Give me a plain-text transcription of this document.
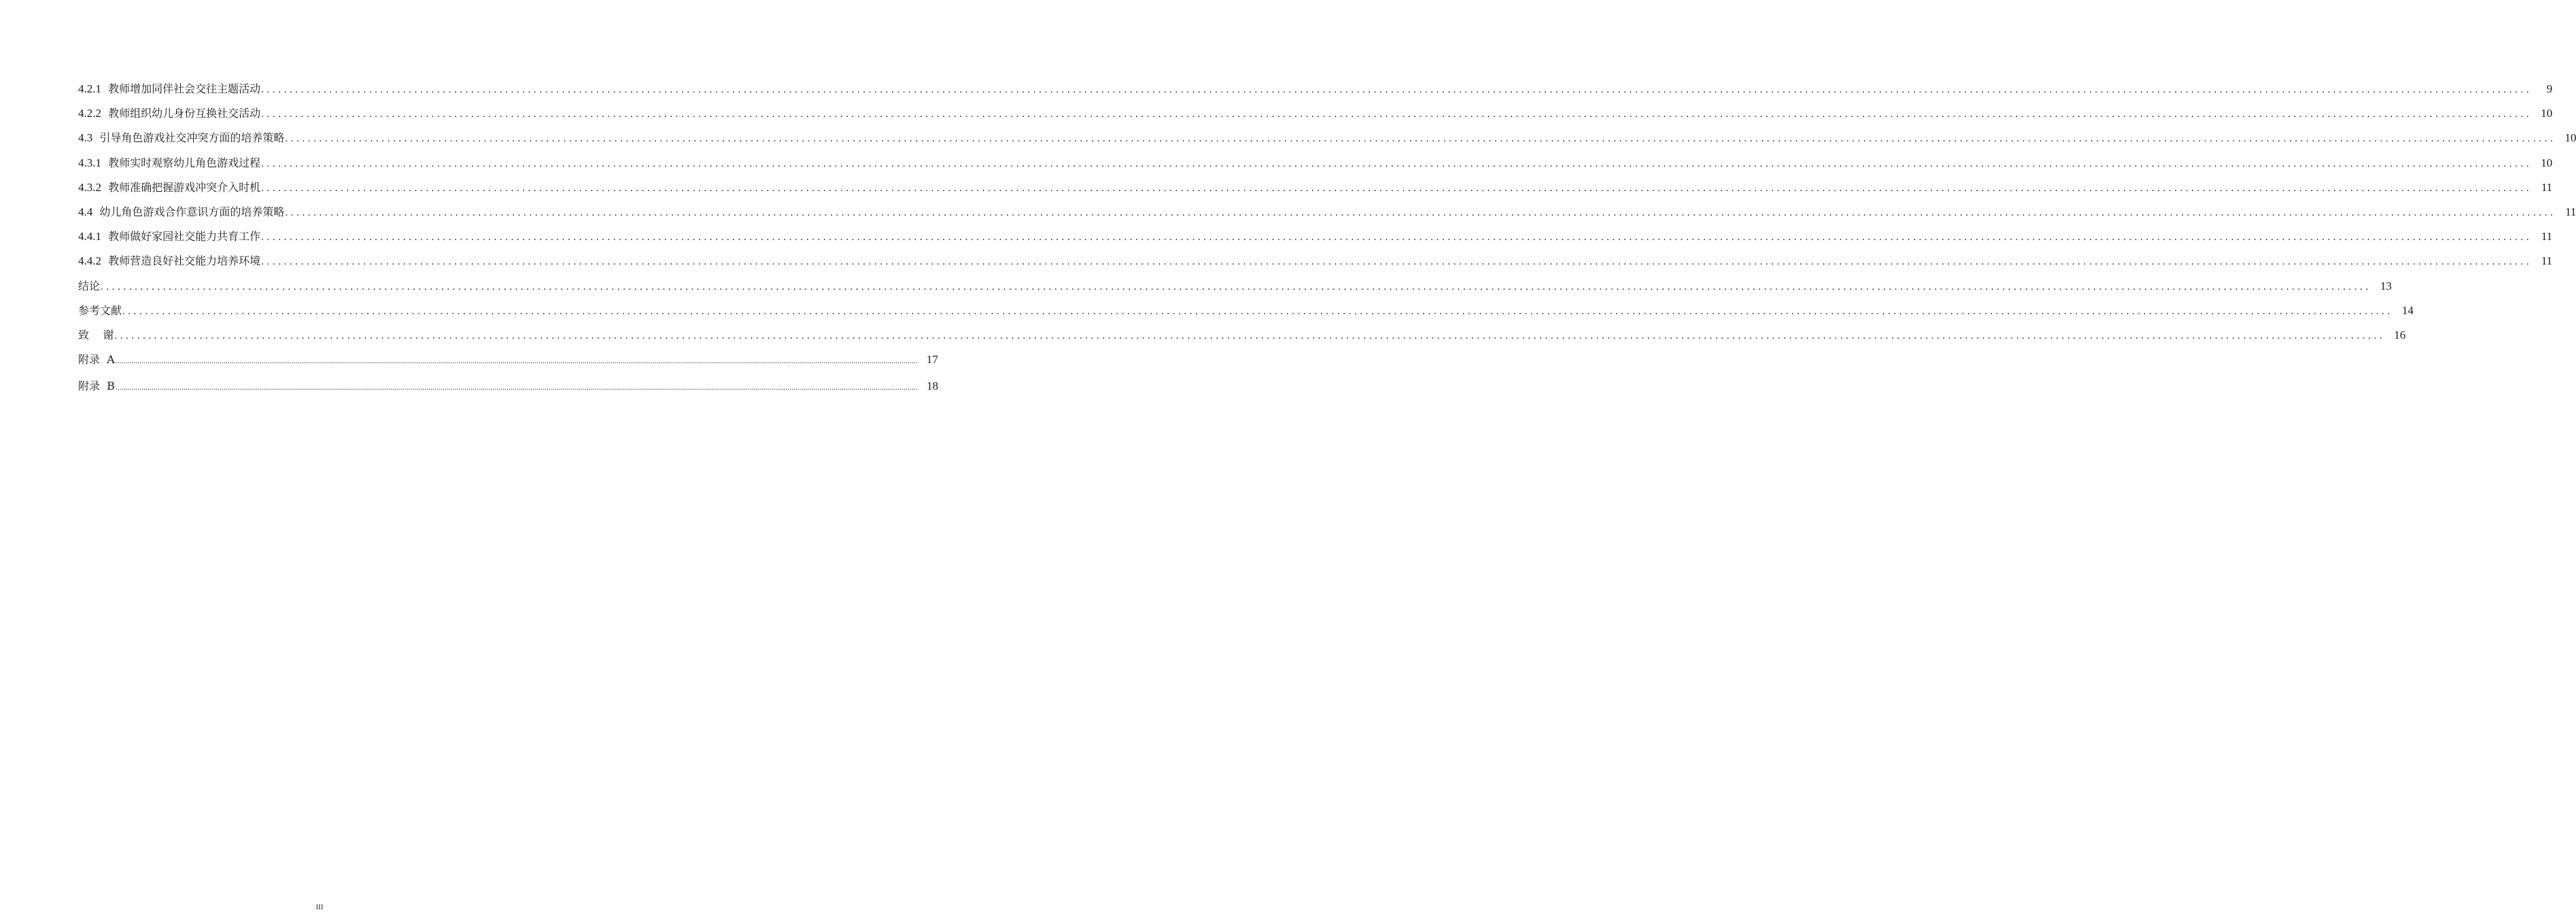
4.2.1 教师增加同伴社会交往主题活动 ................................................................................................................................................................................................................................................................................................................................................................................................................	9
4.2.2 教师组织幼儿身份互换社交活动 ................................................................................................................................................................................................................................................................................................................................................................................................................ 10
4.3 引导角色游戏社交冲突方面的培养策略 ................................................................................................................................................................................................................................................................................................................................................................................................................ 10
4.3.1 教师实时观察幼儿角色游戏过程 ................................................................................................................................................................................................................................................................................................................................................................................................................ 10
4.3.2 教师准确把握游戏冲突介入时机 ................................................................................................................................................................................................................................................................................................................................................................................................................ 11
4.4 幼儿角色游戏合作意识方面的培养策略 ................................................................................................................................................................................................................................................................................................................................................................................................................ 11
4.4.1 教师做好家园社交能力共育工作 ................................................................................................................................................................................................................................................................................................................................................................................................................ 11
4.4.2 教师营造良好社交能力培养环境 ................................................................................................................................................................................................................................................................................................................................................................................................................ 11
结论 ................................................................................................................................................................................................................................................................................................................................................................................................................ 13
参考文献 ................................................................................................................................................................................................................................................................................................................................................................................................................ 14
致    谢 ................................................................................................................................................................................................................................................................................................................................................................................................................ 16
附录  A ................................................................................................................................................................................................................................................................................................................................................................................................................ 17
附录  B ................................................................................................................................................................................................................................................................................................................................................................................................................ 18
III
